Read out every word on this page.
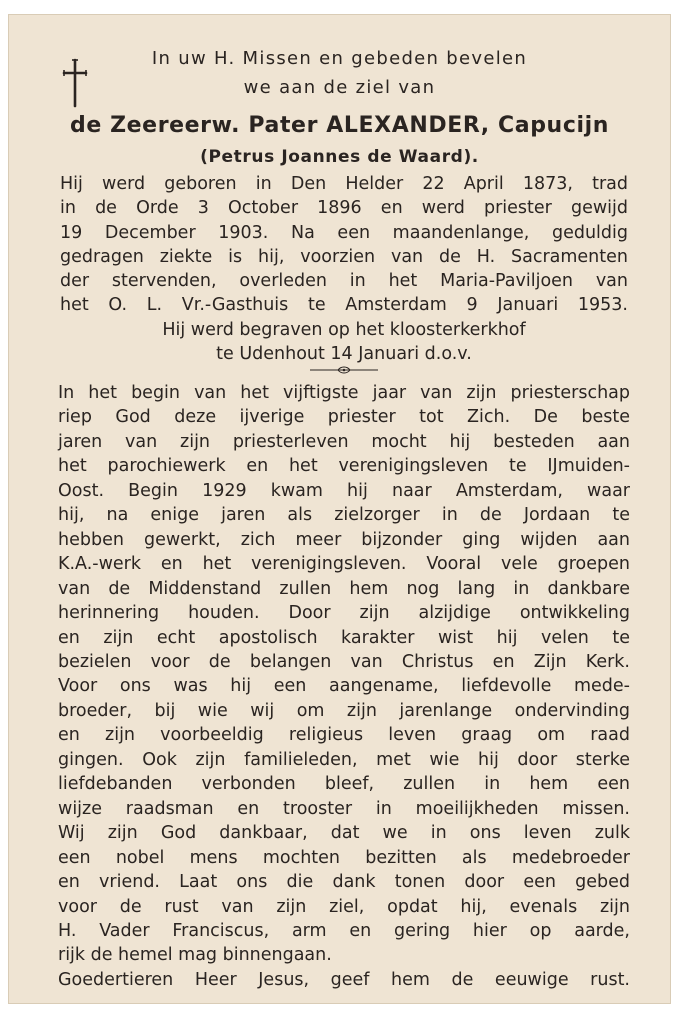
In uw H. Missen en gebeden bevelen
we aan de ziel van
de Zeereerw. Pater ALEXANDER, Capucijn
(Petrus Joannes de Waard).
Hij werd geboren in Den Helder 22 April 1873, trad
in de Orde 3 October 1896 en werd priester gewijd
19 December 1903. Na een maandenlange, geduldig
gedragen ziekte is hij, voorzien van de H. Sacramenten
der stervenden, overleden in het Maria-Paviljoen van
het O. L. Vr.-Gasthuis te Amsterdam 9 Januari 1953.
Hij werd begraven op het kloosterkerkhof
te Udenhout 14 Januari d.o.v.
In het begin van het vijftigste jaar van zijn priesterschap
riep God deze ijverige priester tot Zich. De beste
jaren van zijn priesterleven mocht hij besteden aan
het parochiewerk en het verenigingsleven te IJmuiden-
Oost. Begin 1929 kwam hij naar Amsterdam, waar
hij, na enige jaren als zielzorger in de Jordaan te
hebben gewerkt, zich meer bijzonder ging wijden aan
K.A.-werk en het verenigingsleven. Vooral vele groepen
van de Middenstand zullen hem nog lang in dankbare
herinnering houden. Door zijn alzijdige ontwikkeling
en zijn echt apostolisch karakter wist hij velen te
bezielen voor de belangen van Christus en Zijn Kerk.
Voor ons was hij een aangename, liefdevolle mede-
broeder, bij wie wij om zijn jarenlange ondervinding
en zijn voorbeeldig religieus leven graag om raad
gingen. Ook zijn familieleden, met wie hij door sterke
liefdebanden verbonden bleef, zullen in hem een
wijze raadsman en trooster in moeilijkheden missen.
Wij zijn God dankbaar, dat we in ons leven zulk
een nobel mens mochten bezitten als medebroeder
en vriend. Laat ons die dank tonen door een gebed
voor de rust van zijn ziel, opdat hij, evenals zijn
H. Vader Franciscus, arm en gering hier op aarde,
rijk de hemel mag binnengaan.
Goedertieren Heer Jesus, geef hem de eeuwige rust.
